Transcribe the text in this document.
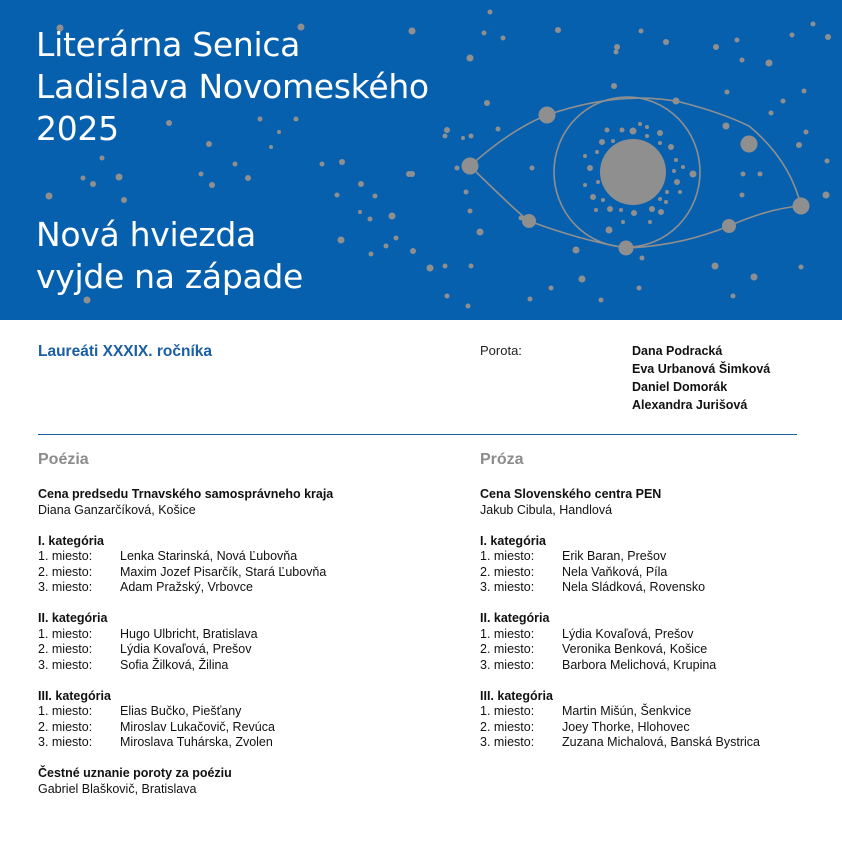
Literárna Senica
Ladislava Novomeského
2025
Nová hviezda
vyjde na západe
Laureáti XXXIX. ročníka	Porota:	Dana Podracká
Eva Urbanová Šimková
Daniel Domorák
Alexandra Jurišová
Poézia
Cena predsedu Trnavského samosprávneho kraja
Diana Ganzarčíková, Košice
I. kategória
1. miesto:	Lenka Starinská, Nová Ľubovňa
2. miesto:	Maxim Jozef Pisarčík, Stará Ľubovňa
3. miesto:	Adam Pražský, Vrbovce
II. kategória
1. miesto:	Hugo Ulbricht, Bratislava
2. miesto:	Lýdia Kovaľová, Prešov
3. miesto:	Sofia Žilková, Žilina
III. kategória
1. miesto:	Elias Bučko, Piešťany
2. miesto:	Miroslav Lukačovič, Revúca
3. miesto:	Miroslava Tuhárska, Zvolen
Čestné uznanie poroty za poéziu
Gabriel Blaškovič, Bratislava
Próza
Cena Slovenského centra PEN
Jakub Cibula, Handlová
I. kategória
1. miesto:	Erik Baran, Prešov
2. miesto:	Nela Vaňková, Píla
3. miesto:	Nela Sládková, Rovensko
II. kategória
1. miesto:	Lýdia Kovaľová, Prešov
2. miesto:	Veronika Benková, Košice
3. miesto:	Barbora Melichová, Krupina
III. kategória
1. miesto:	Martin Mišún, Šenkvice
2. miesto:	Joey Thorke, Hlohovec
3. miesto:	Zuzana Michalová, Banská Bystrica
